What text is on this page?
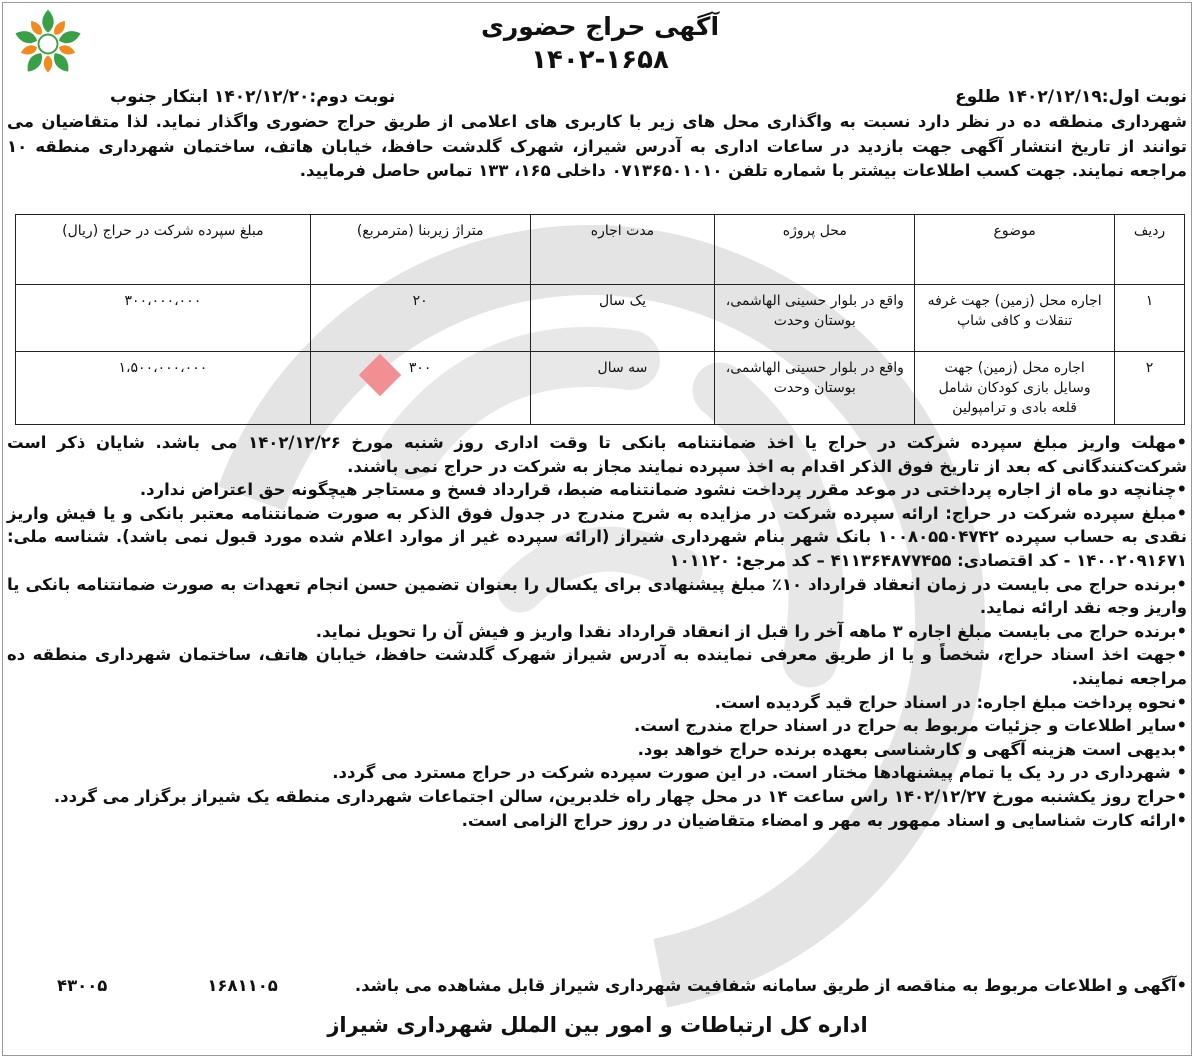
آگهی حراج حضوری
۱۴۰۲-۱۶۵۸
نوبت اول:۱۴۰۲/۱۲/۱۹ طلوع
نوبت دوم:۱۴۰۲/۱۲/۲۰ ابتکار جنوب

شهرداری منطقه ده در نظر دارد نسبت به واگذاری محل های زیر با کاربری های اعلامی از طریق حراج حضوری واگذار نماید. لذا متقاضیان می توانند از تاریخ انتشار آگهی جهت بازدید در ساعات اداری به آدرس شیراز، شهرک گلدشت حافظ، خیابان هاتف، ساختمان شهرداری منطقه ۱۰ مراجعه نمایند. جهت کسب اطلاعات بیشتر با شماره تلفن ۰۷۱۳۶۵۰۱۰۱۰ داخلی ۱۶۵، ۱۳۳ تماس حاصل فرمایید.

ردیف	موضوع	محل پروژه	مدت اجاره	متراژ زیربنا (مترمربع)	مبلغ سپرده شرکت در حراج (ریال)
۱	اجاره محل (زمین) جهت غرفه تنقلات و کافی شاپ	واقع در بلوار حسینی الهاشمی، بوستان وحدت	یک سال	۲۰	۳۰۰،۰۰۰،۰۰۰
۲	اجاره محل (زمین) جهت وسایل بازی کودکان شامل قلعه بادی و ترامپولین	واقع در بلوار حسینی الهاشمی، بوستان وحدت	سه سال	۳۰۰	۱،۵۰۰،۰۰۰،۰۰۰

•مهلت واریز مبلغ سپرده شرکت در حراج یا اخذ ضمانتنامه بانکی تا وقت اداری روز شنبه مورخ ۱۴۰۲/۱۲/۲۶ می باشد. شایان ذکر است شرکت‌کنندگانی که بعد از تاریخ فوق الذکر اقدام به اخذ سپرده نمایند مجاز به شرکت در حراج نمی باشند.

•چنانچه دو ماه از اجاره پرداختی در موعد مقرر پرداخت نشود ضمانتنامه ضبط، قرارداد فسخ و مستاجر هیچگونه حق اعتراض ندارد.

•مبلغ سپرده شرکت در حراج: ارائه سپرده شرکت در مزایده به شرح مندرج در جدول فوق الذکر به صورت ضمانتنامه معتبر بانکی و یا فیش واریز نقدی به حساب سپرده ۱۰۰۸۰۵۵۰۴۷۴۲ بانک شهر بنام شهرداری شیراز (ارائه سپرده غیر از موارد اعلام شده مورد قبول نمی باشد). شناسه ملی: ۱۴۰۰۲۰۹۱۶۷۱ - کد اقتصادی: ۴۱۱۳۶۴۸۷۷۴۵۵ – کد مرجع: ۱۰۱۱۲۰

•برنده حراج می بایست در زمان انعقاد قرارداد ۱۰٪ مبلغ پیشنهادی برای یکسال را بعنوان تضمین حسن انجام تعهدات به صورت ضمانتنامه بانکی یا واریز وجه نقد ارائه نماید.

•برنده حراج می بایست مبلغ اجاره ۳ ماهه آخر را قبل از انعقاد قرارداد نقدا واریز و فیش آن را تحویل نماید.

•جهت اخذ اسناد حراج، شخصاً و یا از طریق معرفی نماینده به آدرس شیراز شهرک گلدشت حافظ، خیابان هاتف، ساختمان شهرداری منطقه ده مراجعه نمایند.

•نحوه پرداخت مبلغ اجاره: در اسناد حراج قید گردیده است.

•سایر اطلاعات و جزئیات مربوط به حراج در اسناد حراج مندرج است.

•بدیهی است هزینه آگهی و کارشناسی بعهده برنده حراج خواهد بود.

• شهرداری در رد یک یا تمام پیشنهادها مختار است. در این صورت سپرده شرکت در حراج مسترد می گردد.

•حراج روز یکشنبه مورخ ۱۴۰۲/۱۲/۲۷ راس ساعت ۱۴ در محل چهار راه خلدبرین، سالن اجتماعات شهرداری منطقه یک شیراز برگزار می گردد.

•ارائه کارت شناسایی و اسناد ممهور به مهر و امضاء متقاضیان در روز حراج الزامی است.

•آگهی و اطلاعات مربوط به مناقصه از طریق سامانه شفافیت شهرداری شیراز قابل مشاهده می باشد.
۴۳۰۰۵	۱۶۸۱۱۰۵
اداره کل ارتباطات و امور بین الملل شهرداری شیراز
